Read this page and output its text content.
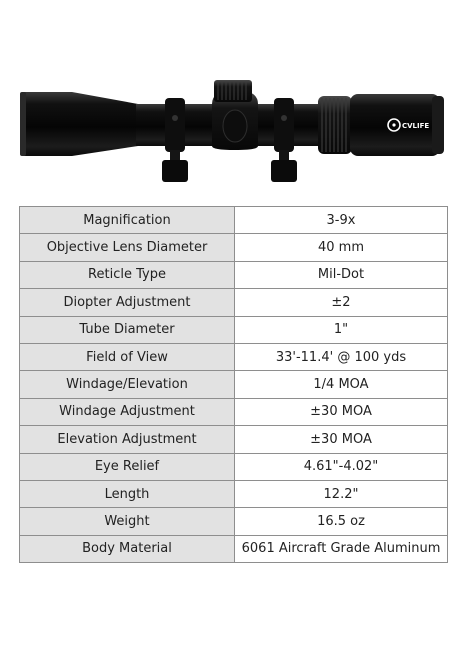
CVLIFE
Magnification	3-9x
Objective Lens Diameter	40 mm
Reticle Type	Mil-Dot
Diopter Adjustment	±2
Tube Diameter	1"
Field of View	33'-11.4' @ 100 yds
Windage/Elevation	1/4 MOA
Windage Adjustment	±30 MOA
Elevation Adjustment	±30 MOA
Eye Relief	4.61"-4.02"
Length	12.2"
Weight	16.5 oz
Body Material	6061 Aircraft Grade Aluminum
